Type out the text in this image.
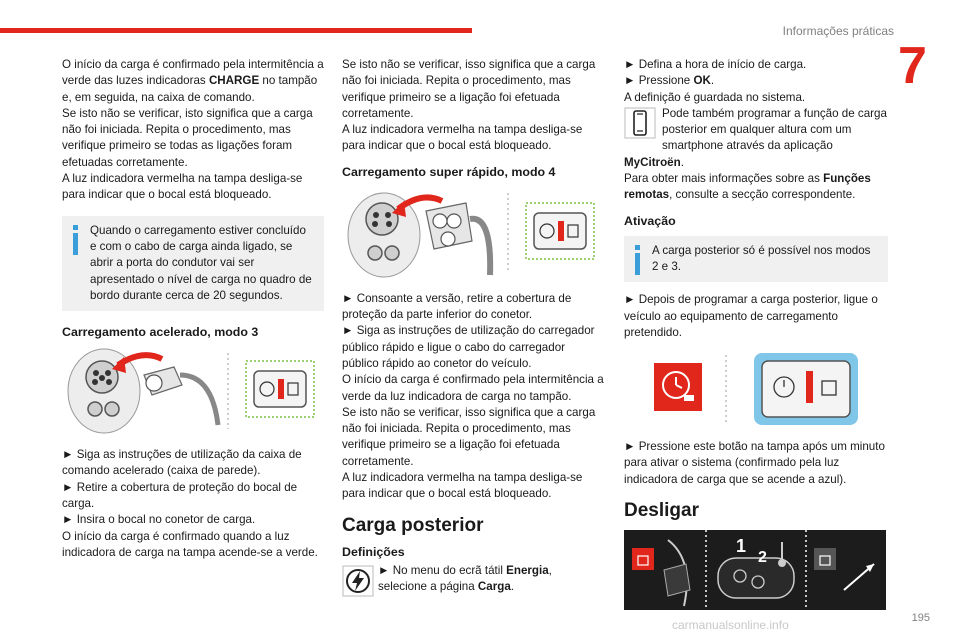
Informações práticas
7

O início da carga é confirmado pela intermitência a verde das luzes indicadoras CHARGE no tampão e, em seguida, na caixa de comando.

Se isto não se verificar, isto significa que a carga não foi iniciada. Repita o procedimento, mas verifique primeiro se todas as ligações foram efetuadas corretamente.

A luz indicadora vermelha na tampa desliga-se para indicar que o bocal está bloqueado.

Quando o carregamento estiver concluído e com o cabo de carga ainda ligado, se abrir a porta do condutor vai ser apresentado o nível de carga no quadro de bordo durante cerca de 20 segundos.
Carregamento acelerado, modo 3

► Siga as instruções de utilização da caixa de comando acelerado (caixa de parede).

► Retire a cobertura de proteção do bocal de carga.

► Insira o bocal no conetor de carga.

O início da carga é confirmado quando a luz indicadora de carga na tampa acende-se a verde.

Se isto não se verificar, isso significa que a carga não foi iniciada. Repita o procedimento, mas verifique primeiro se a ligação foi efetuada corretamente.

A luz indicadora vermelha na tampa desliga-se para indicar que o bocal está bloqueado.

Carregamento super rápido, modo 4

► Consoante a versão, retire a cobertura de proteção da parte inferior do conetor.

► Siga as instruções de utilização do carregador público rápido e ligue o cabo do carregador público rápido ao conetor do veículo.

O início da carga é confirmado pela intermitência a verde da luz indicadora de carga no tampão.

Se isto não se verificar, isso significa que a carga não foi iniciada. Repita o procedimento, mas verifique primeiro se a ligação foi efetuada corretamente.

A luz indicadora vermelha na tampa desliga-se para indicar que o bocal está bloqueado.

Carga posterior
Definições
► No menu do ecrã tátil Energia, selecione a página Carga.

► Defina a hora de início de carga.

► Pressione OK.

A definição é guardada no sistema.

Pode também programar a função de carga posterior em qualquer altura com um smartphone através da aplicação MyCitroën.

Para obter mais informações sobre as Funções remotas, consulte a secção correspondente.

Ativação
A carga posterior só é possível nos modos 2 e 3.

► Depois de programar a carga posterior, ligue o veículo ao equipamento de carregamento pretendido.

► Pressione este botão na tampa após um minuto para ativar o sistema (confirmado pela luz indicadora de carga que se acende a azul).

Desligar
1
2
carmanualsonline.info	195
